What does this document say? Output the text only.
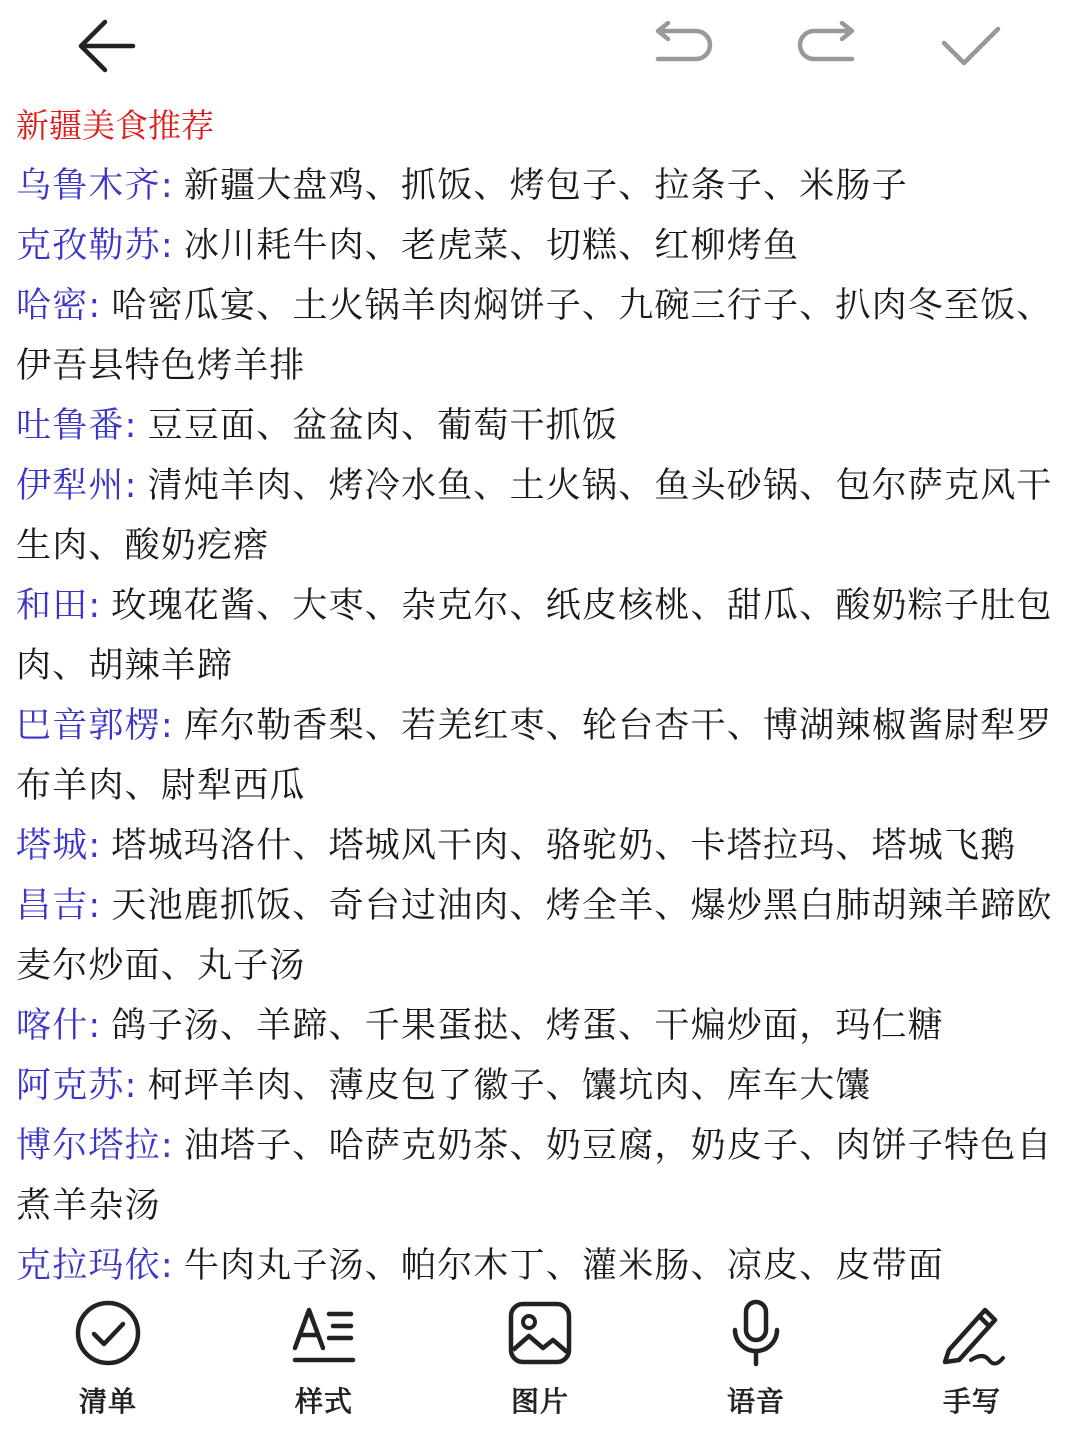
新疆美食推荐
乌鲁木齐: 新疆大盘鸡、抓饭、烤包子、拉条子、米肠子
克孜勒苏: 冰川耗牛肉、老虎菜、切糕、红柳烤鱼
哈密: 哈密瓜宴、土火锅羊肉焖饼子、九碗三行子、扒肉冬至饭、伊吾县特色烤羊排
吐鲁番: 豆豆面、盆盆肉、葡萄干抓饭
伊犁州: 清炖羊肉、烤冷水鱼、土火锅、鱼头砂锅、包尔萨克风干生肉、酸奶疙瘩
和田: 玫瑰花酱、大枣、杂克尔、纸皮核桃、甜瓜、酸奶粽子肚包肉、胡辣羊蹄
巴音郭楞: 库尔勒香梨、若羌红枣、轮台杏干、博湖辣椒酱尉犁罗布羊肉、尉犁西瓜
塔城: 塔城玛洛什、塔城风干肉、骆驼奶、卡塔拉玛、塔城飞鹅
昌吉: 天池鹿抓饭、奇台过油肉、烤全羊、爆炒黑白肺胡辣羊蹄欧麦尔炒面、丸子汤
喀什: 鸽子汤、羊蹄、千果蛋挞、烤蛋、干煸炒面，玛仁糖
阿克苏: 柯坪羊肉、薄皮包了徽子、馕坑肉、库车大馕
博尔塔拉: 油塔子、哈萨克奶茶、奶豆腐，奶皮子、肉饼子特色自煮羊杂汤
克拉玛依: 牛肉丸子汤、帕尔木丁、灌米肠、凉皮、皮带面
清单	样式	图片	语音	手写
